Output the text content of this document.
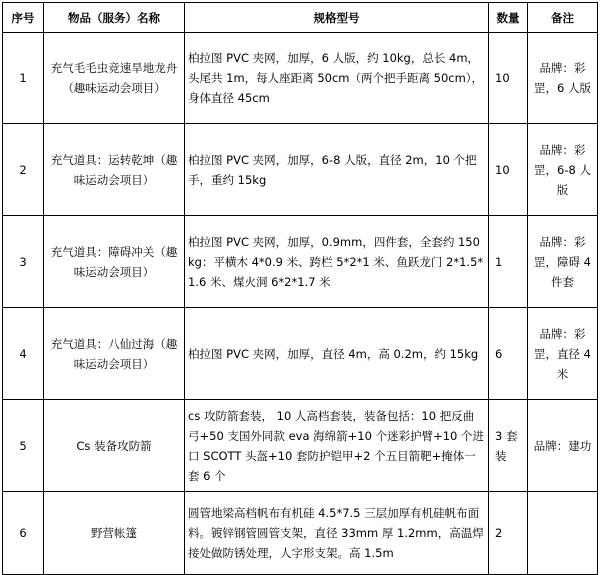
序号	物品（服务）名称	规格型号	数量	备注
1	充气毛毛虫竞速旱地龙舟（趣味运动会项目）	柏拉图 PVC 夹网，加厚，6 人版，约 10kg，总长 4m，头尾共 1m，每人座距离 50cm（两个把手距离 50cm），身体直径 45cm	10	品牌：彩罡，6 人版
2	充气道具：运转乾坤（趣味运动会项目）	柏拉图 PVC 夹网，加厚，6-8 人版，直径 2m，10 个把手，重约 15kg	10	品牌：彩罡，6-8 人版
3	充气道具：障碍冲关（趣味运动会项目）	柏拉图 PVC 夹网，加厚，0.9mm，四件套，全套约 150kg：平横木 4*0.9 米、跨栏 5*2*1 米、鱼跃龙门 2*1.5*1.6 米、煤火洞 6*2*1.7 米	1	品牌：彩罡，障碍 4 件套
4	充气道具：八仙过海（趣味运动会项目）	柏拉图 PVC 夹网，加厚，直径 4m，高 0.2m，约 15kg	6	品牌：彩罡，直径 4 米
5	Cs 装备攻防箭	cs 攻防箭套装， 10 人高档套装，装备包括：10 把反曲弓+50 支国外同款 eva 海绵箭+10 个迷彩护臂+10 个进口 SCOTT 头盔+10 套防护铠甲+2 个五目箭靶+掩体一套 6 个	3 套装	品牌：建功
6	野营帐篷	圆管地梁高档帆布有机硅 4.5*7.5 三层加厚有机硅帆布面料。镀锌钢管圆管支架，直径 33mm 厚 1.2mm，高温焊接处做防锈处理，人字形支架。高 1.5m	2	
